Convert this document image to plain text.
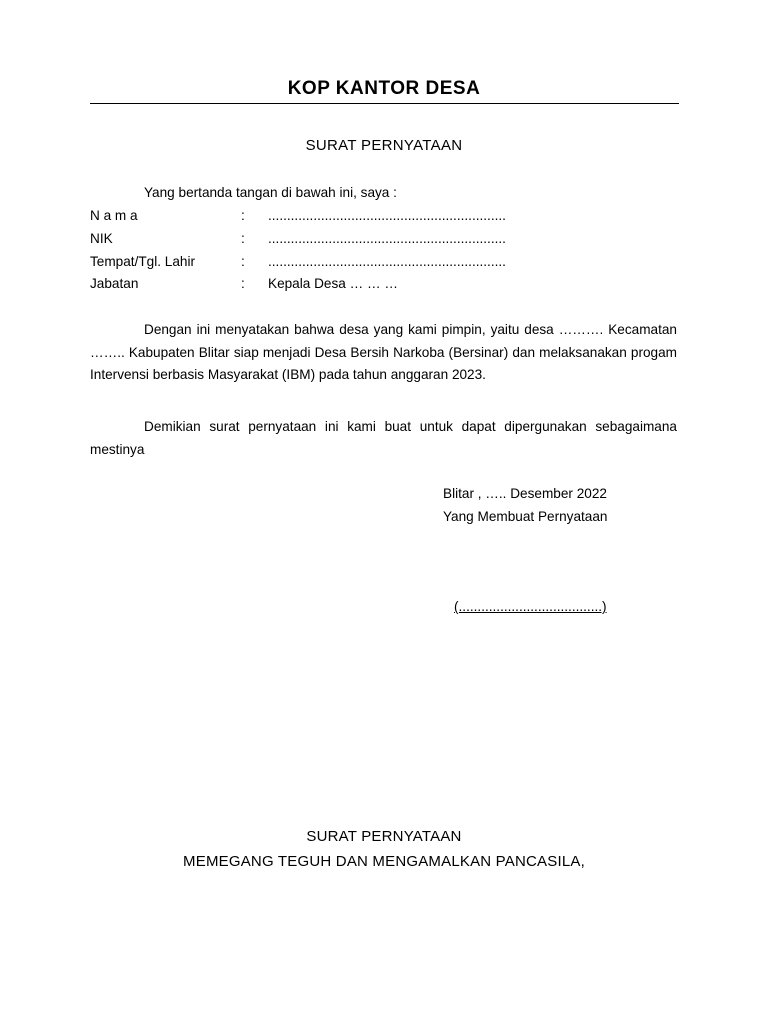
KOP KANTOR DESA
SURAT PERNYATAAN
Yang bertanda tangan di bawah ini, saya :
N a m a	: ...............................................................
NIK	: ...............................................................
Tempat/Tgl. Lahir	: ...............................................................
Jabatan	: Kepala Desa … … …
Dengan ini menyatakan bahwa desa yang kami pimpin, yaitu desa ………. Kecamatan …….. Kabupaten Blitar siap menjadi Desa Bersih Narkoba (Bersinar) dan melaksanakan progam Intervensi berbasis Masyarakat (IBM) pada tahun anggaran 2023.
Demikian surat pernyataan ini kami buat untuk dapat dipergunakan sebagaimana mestinya
Blitar , ….. Desember 2022
Yang Membuat Pernyataan
(......................................)
SURAT PERNYATAAN
MEMEGANG TEGUH DAN MENGAMALKAN PANCASILA,
